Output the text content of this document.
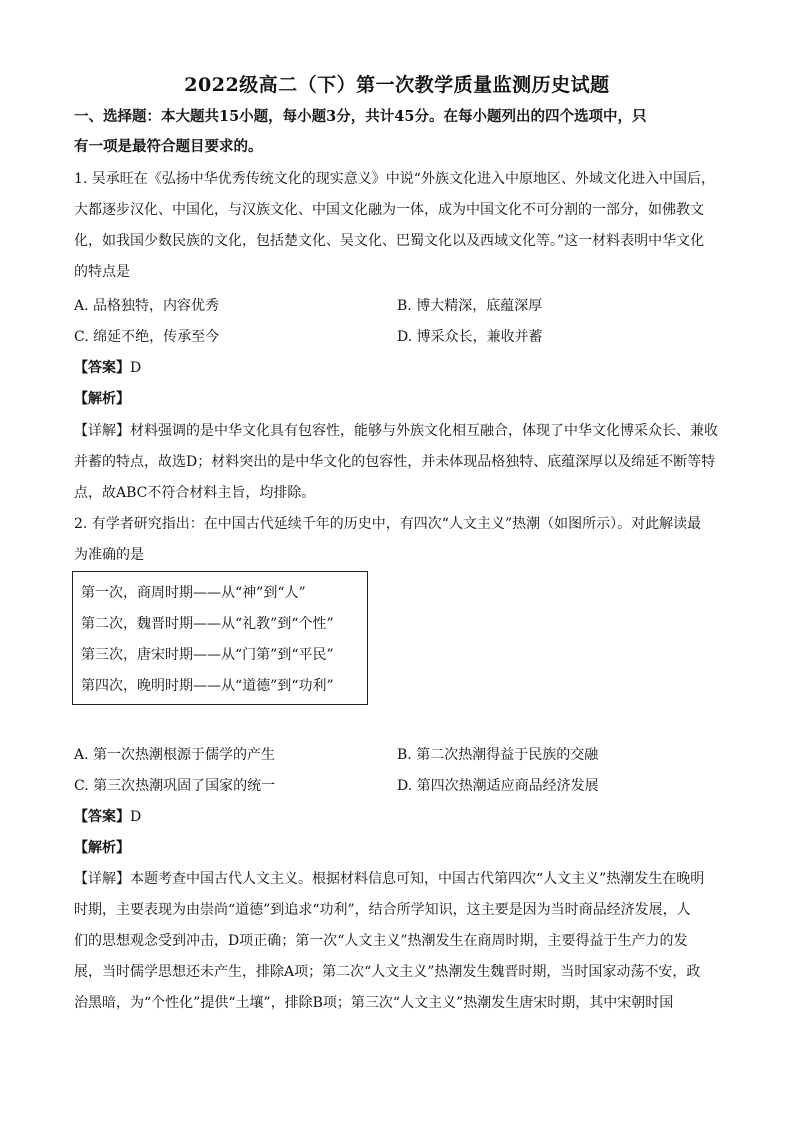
2022级高二（下）第一次教学质量监测历史试题
一、选择题：本大题共15小题，每小题3分，共计45分。在每小题列出的四个选项中，只
有一项是最符合题目要求的。
1. 吴承旺在《弘扬中华优秀传统文化的现实意义》中说“外族文化进入中原地区、外域文化进入中国后，
大都逐步汉化、中国化，与汉族文化、中国文化融为一体，成为中国文化不可分割的一部分，如佛教文
化，如我国少数民族的文化，包括楚文化、吴文化、巴蜀文化以及西域文化等。”这一材料表明中华文化
的特点是
A. 品格独特，内容优秀	B. 博大精深，底蕴深厚
C. 绵延不绝，传承至今	D. 博采众长，兼收并蓄
【答案】D
【解析】
【详解】材料强调的是中华文化具有包容性，能够与外族文化相互融合，体现了中华文化博采众长、兼收
并蓄的特点，故选D；材料突出的是中华文化的包容性，并未体现品格独特、底蕴深厚以及绵延不断等特
点，故ABC不符合材料主旨，均排除。
2. 有学者研究指出：在中国古代延续千年的历史中，有四次“人文主义”热潮（如图所示）。对此解读最
为准确的是
第一次，商周时期——从“神”到“人”
第二次，魏晋时期——从“礼教”到“个性”
第三次，唐宋时期——从“门第”到“平民”
第四次，晚明时期——从“道德”到“功利”
A. 第一次热潮根源于儒学的产生	B. 第二次热潮得益于民族的交融
C. 第三次热潮巩固了国家的统一	D. 第四次热潮适应商品经济发展
【答案】D
【解析】
【详解】本题考查中国古代人文主义。根据材料信息可知，中国古代第四次“人文主义”热潮发生在晚明
时期，主要表现为由崇尚“道德”到追求“功利”，结合所学知识，这主要是因为当时商品经济发展，人
们的思想观念受到冲击，D项正确；第一次“人文主义”热潮发生在商周时期，主要得益于生产力的发
展，当时儒学思想还未产生，排除A项；第二次“人文主义”热潮发生魏晋时期，当时国家动荡不安，政
治黑暗，为“个性化”提供“土壤”，排除B项；第三次“人文主义”热潮发生唐宋时期，其中宋朝时国
